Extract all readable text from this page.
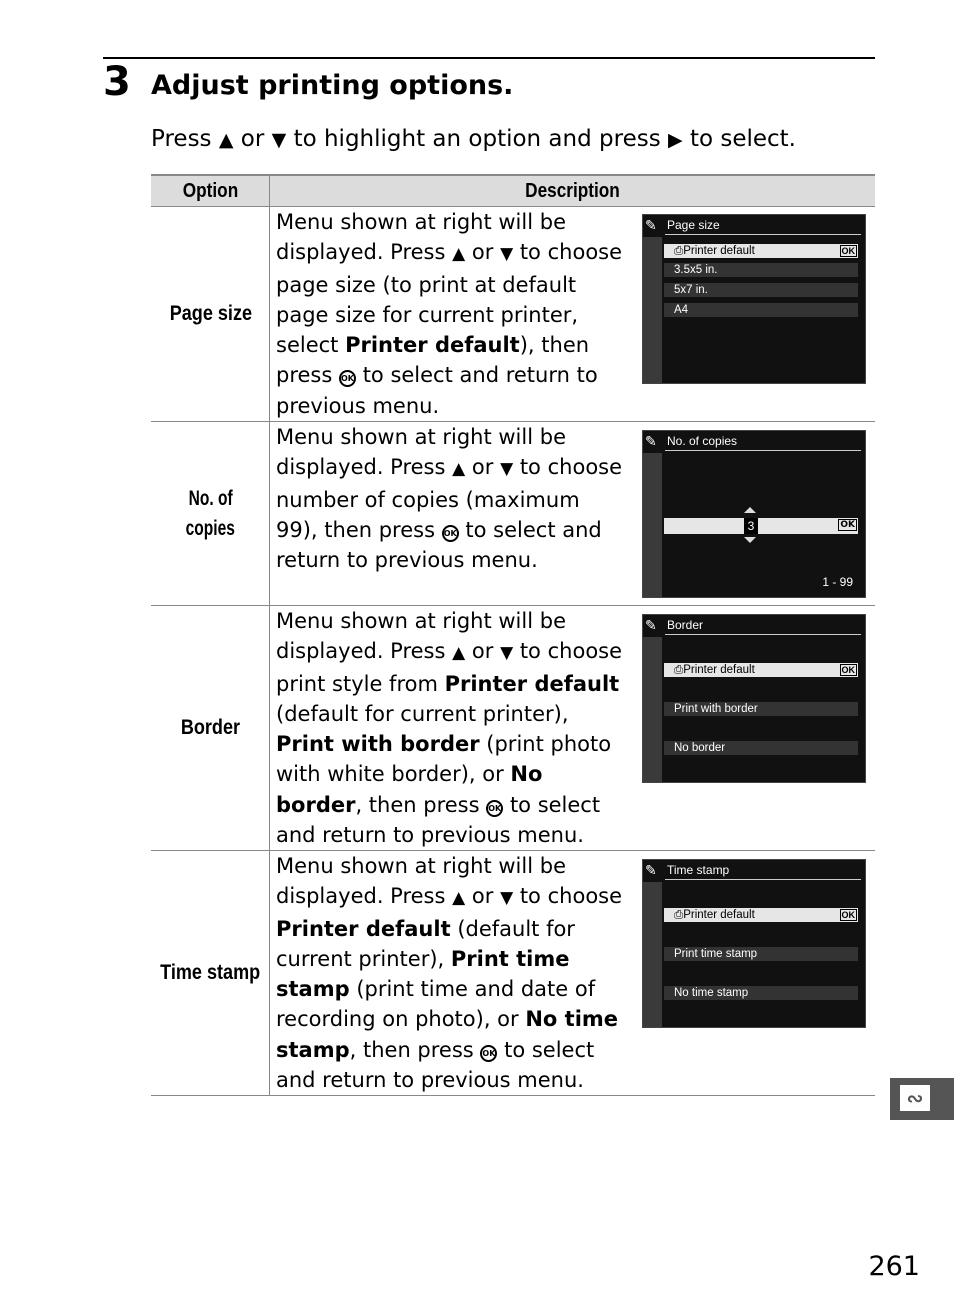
3 Adjust printing options.
Press ▲ or ▼ to highlight an option and press ▶ to select.
Option	Description
Page size
Menu shown at right will be displayed. Press ▲ or ▼ to choose page size (to print at default page size for current printer, select Printer default), then press OK to select and return to previous menu.
✎ Page size
⎙Printer default	OK
3.5x5 in.
5x7 in.
A4
No. of
copies
Menu shown at right will be displayed. Press ▲ or ▼ to choose number of copies (maximum 99), then press OK to select and return to previous menu.
✎ No. of copies
3	OK
1 - 99
Border
Menu shown at right will be displayed. Press ▲ or ▼ to choose print style from Printer default (default for current printer), Print with border (print photo with white border), or No border, then press OK to select and return to previous menu.
✎ Border
⎙Printer default	OK
Print with border
No border
Time stamp
Menu shown at right will be displayed. Press ▲ or ▼ to choose Printer default (default for current printer), Print time stamp (print time and date of recording on photo), or No time stamp, then press OK to select and return to previous menu.
✎ Time stamp
⎙Printer default	OK
Print time stamp
No time stamp
∾
261
